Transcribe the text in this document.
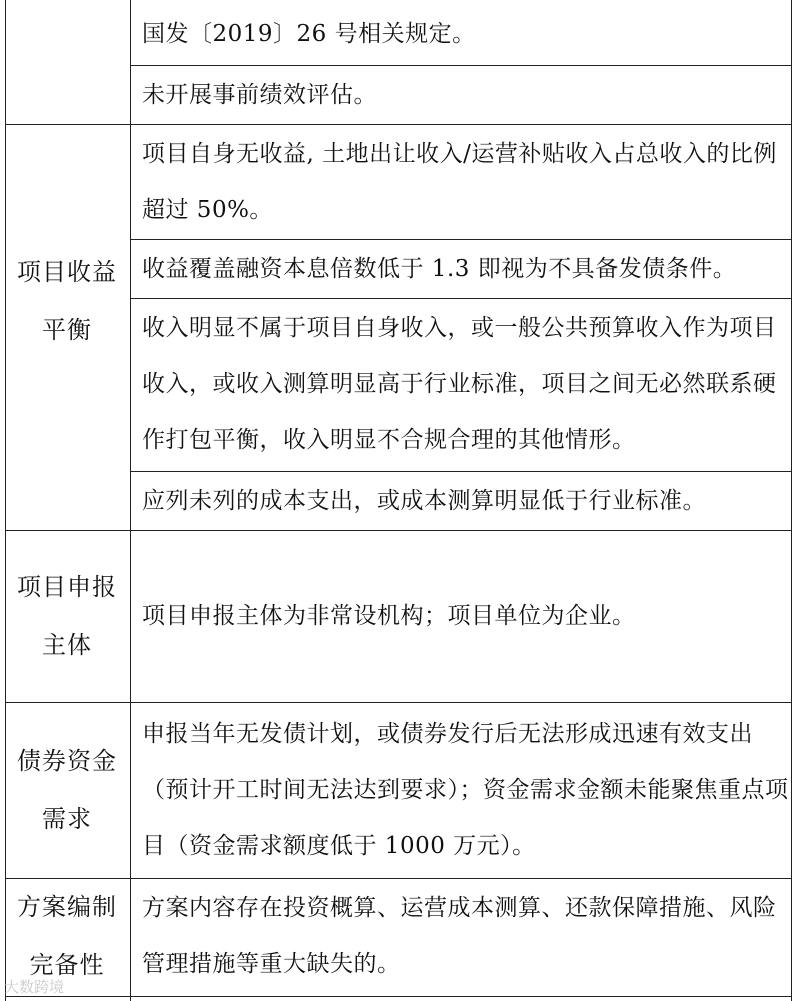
国发〔2019〕26 号相关规定。
未开展事前绩效评估。
项目收益
平衡
项目自身无收益, 土地出让收入/运营补贴收入占总收入的比例超过 50%。
收益覆盖融资本息倍数低于 1.3 即视为不具备发债条件。
收入明显不属于项目自身收入，或一般公共预算收入作为项目收入，或收入测算明显高于行业标准，项目之间无必然联系硬作打包平衡，收入明显不合规合理的其他情形。
应列未列的成本支出，或成本测算明显低于行业标准。
项目申报
主体
项目申报主体为非常设机构；项目单位为企业。
债券资金
需求
申报当年无发债计划，或债券发行后无法形成迅速有效支出（预计开工时间无法达到要求）；资金需求金额未能聚焦重点项目（资金需求额度低于 1000 万元）。
方案编制
完备性
方案内容存在投资概算、运营成本测算、还款保障措施、风险管理措施等重大缺失的。
大数跨境
